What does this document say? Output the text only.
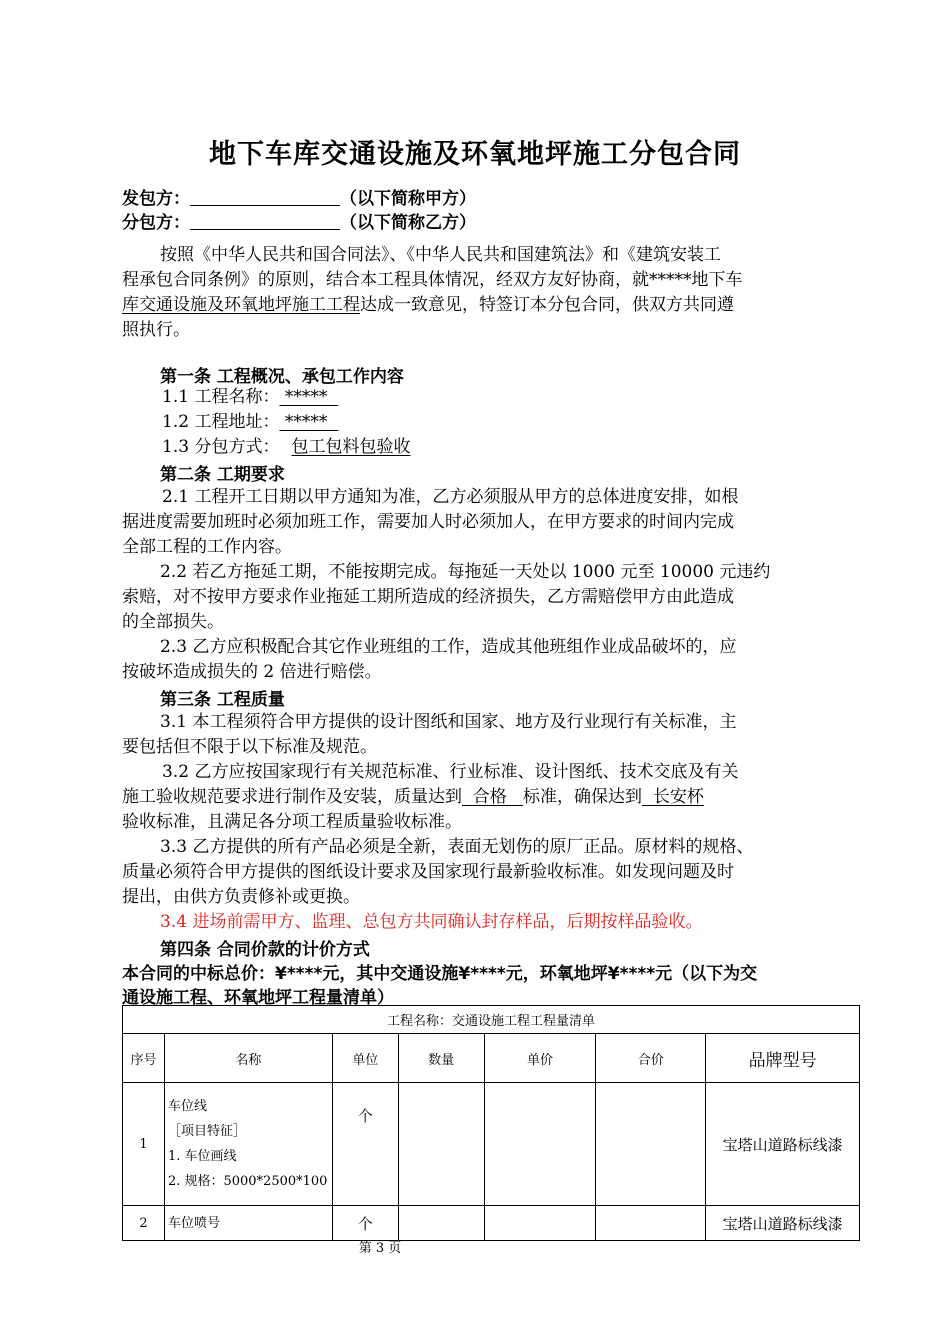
地下车库交通设施及环氧地坪施工分包合同
发包方：	（以下简称甲方）
分包方：	（以下简称乙方）
按照《中华人民共和国合同法》、《中华人民共和国建筑法》和《建筑安装工
程承包合同条例》的原则，结合本工程具体情况，经双方友好协商，就*****地下车
库交通设施及环氧地坪施工工程达成一致意见，特签订本分包合同，供双方共同遵
照执行。
第一条 工程概况、承包工作内容
1.1 工程名称： *****
1.2 工程地址： *****
1.3 分包方式： 包工包料包验收
第二条 工期要求
2.1 工程开工日期以甲方通知为准，乙方必须服从甲方的总体进度安排，如根
据进度需要加班时必须加班工作，需要加人时必须加人，在甲方要求的时间内完成
全部工程的工作内容。
2.2 若乙方拖延工期，不能按期完成。每拖延一天处以 1000 元至 10000 元违约
索赔，对不按甲方要求作业拖延工期所造成的经济损失，乙方需赔偿甲方由此造成
的全部损失。
2.3 乙方应积极配合其它作业班组的工作，造成其他班组作业成品破坏的，应
按破坏造成损失的 2 倍进行赔偿。
第三条 工程质量
3.1 本工程须符合甲方提供的设计图纸和国家、地方及行业现行有关标准，主
要包括但不限于以下标准及规范。
3.2 乙方应按国家现行有关规范标准、行业标准、设计图纸、技术交底及有关
施工验收规范要求进行制作及安装，质量达到  合格   标准，确保达到  长安杯
验收标准，且满足各分项工程质量验收标准。
3.3 乙方提供的所有产品必须是全新，表面无划伤的原厂正品。原材料的规格、
质量必须符合甲方提供的图纸设计要求及国家现行最新验收标准。如发现问题及时
提出，由供方负责修补或更换。
3.4 进场前需甲方、监理、总包方共同确认封存样品，后期按样品验收。
第四条 合同价款的计价方式
本合同的中标总价：¥****元，其中交通设施¥****元，环氧地坪¥****元（以下为交
通设施工程、环氧地坪工程量清单）
工程名称：交通设施工程工程量清单						
序号	名称	单位	数量	单价	合价	品牌型号
1	车位线
［项目特征］
1. 车位画线
2. 规格：5000*2500*100	个				宝塔山道路标线漆
2	车位喷号	个				宝塔山道路标线漆
第 3 页
